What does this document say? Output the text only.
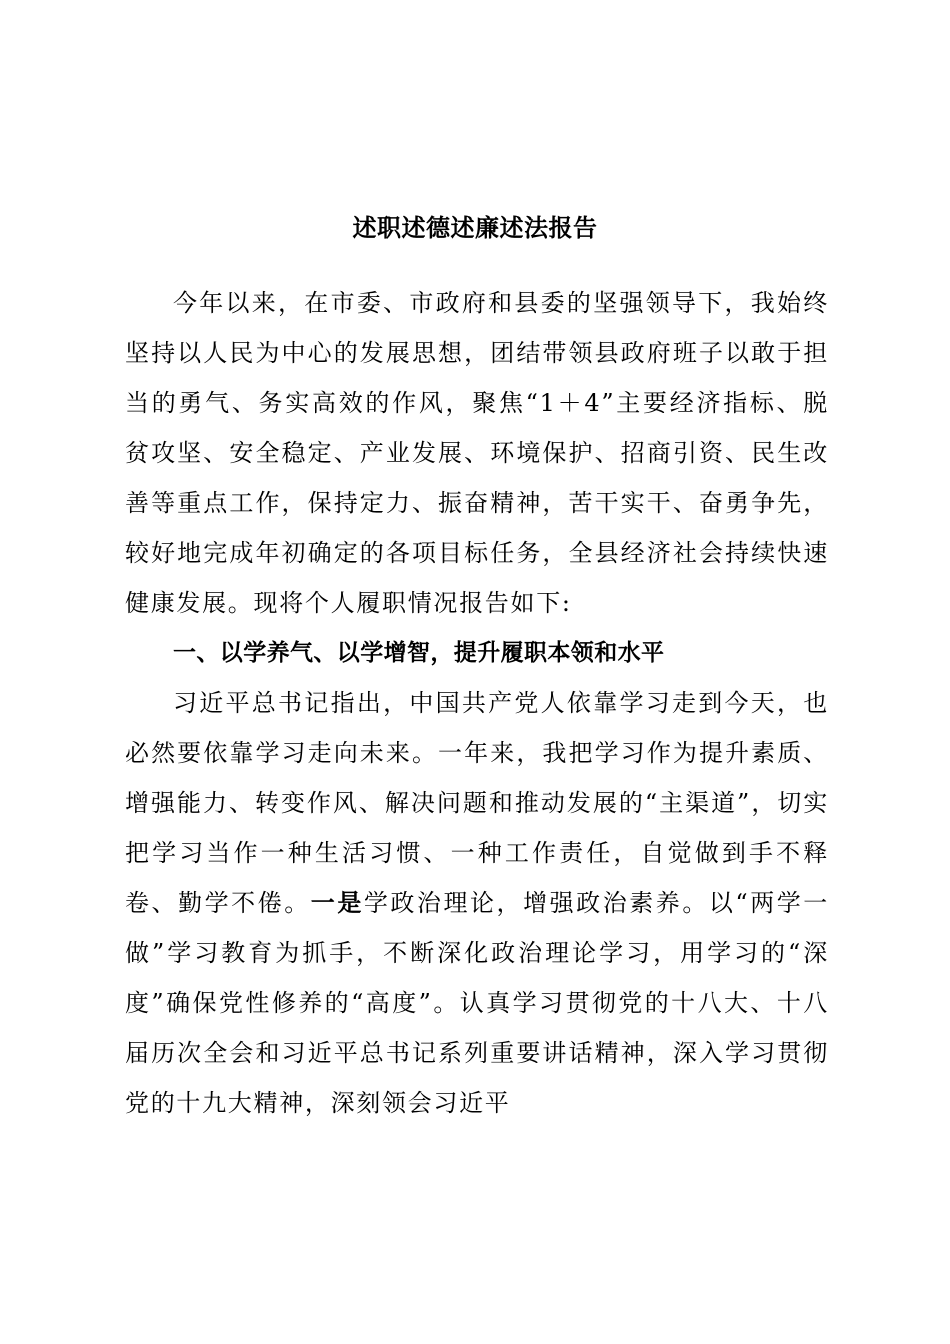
述职述德述廉述法报告

今年以来，在市委、市政府和县委的坚强领导下，我始终坚持以人民为中心的发展思想，团结带领县政府班子以敢于担当的勇气、务实高效的作风，聚焦“1＋4”主要经济指标、脱贫攻坚、安全稳定、产业发展、环境保护、招商引资、民生改善等重点工作，保持定力、振奋精神，苦干实干、奋勇争先，较好地完成年初确定的各项目标任务，全县经济社会持续快速健康发展。现将个人履职情况报告如下:

一、以学养气、以学增智，提升履职本领和水平

习近平总书记指出，中国共产党人依靠学习走到今天，也必然要依靠学习走向未来。一年来，我把学习作为提升素质、增强能力、转变作风、解决问题和推动发展的“主渠道”，切实把学习当作一种生活习惯、一种工作责任，自觉做到手不释卷、勤学不倦。一是学政治理论，增强政治素养。以“两学一做”学习教育为抓手，不断深化政治理论学习，用学习的“深度”确保党性修养的“高度”。认真学习贯彻党的十八大、十八届历次全会和习近平总书记系列重要讲话精神，深入学习贯彻党的十九大精神，深刻领会习近平
